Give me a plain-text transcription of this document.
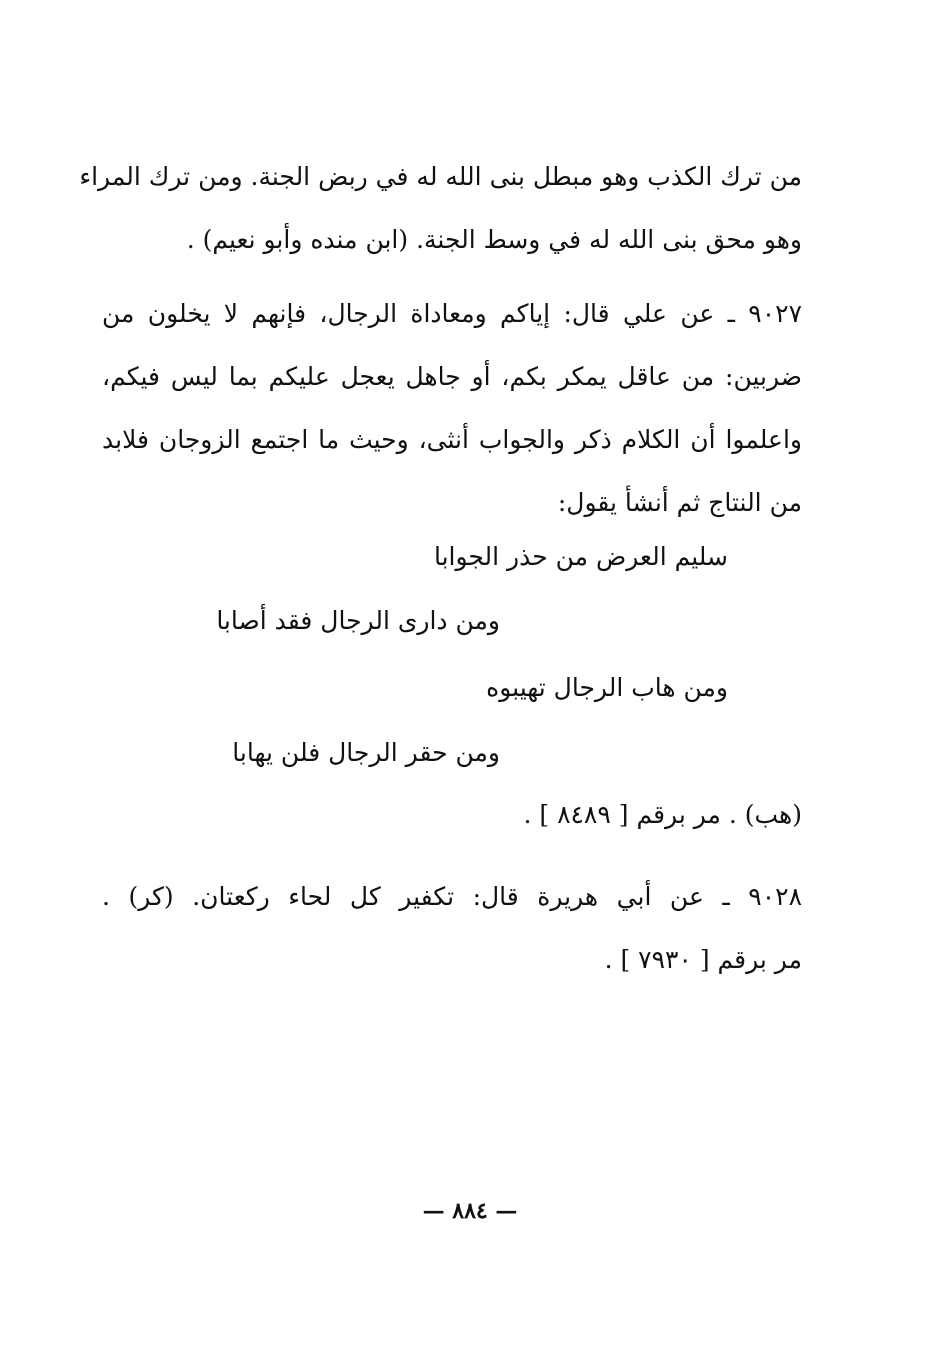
من ترك الكذب وهو مبطل بنى الله له في ربض الجنة. ومن ترك المراء
وهو محق بنى الله له في وسط الجنة. (ابن منده وأبو نعيم) .
٩٠٢٧ ـ عن علي قال: إياكم ومعاداة الرجال، فإنهم لا يخلون من
ضربين: من عاقل يمكر بكم، أو جاهل يعجل عليكم بما ليس فيكم،
واعلموا أن الكلام ذكر والجواب أنثى، وحيث ما اجتمع الزوجان فلابد
من النتاج ثم أنشأ يقول:
سليم العرض من حذر الجوابا
ومن دارى الرجال فقد أصابا
ومن هاب الرجال تهيبوه
ومن حقر الرجال فلن يهابا
(هب) . مر برقم [ ٨٤٨٩ ] .
٩٠٢٨ ـ عن أبي هريرة قال: تكفير كل لحاء ركعتان. (كر) .
مر برقم [ ٧٩٣٠ ] .
— ٨٨٤ —
